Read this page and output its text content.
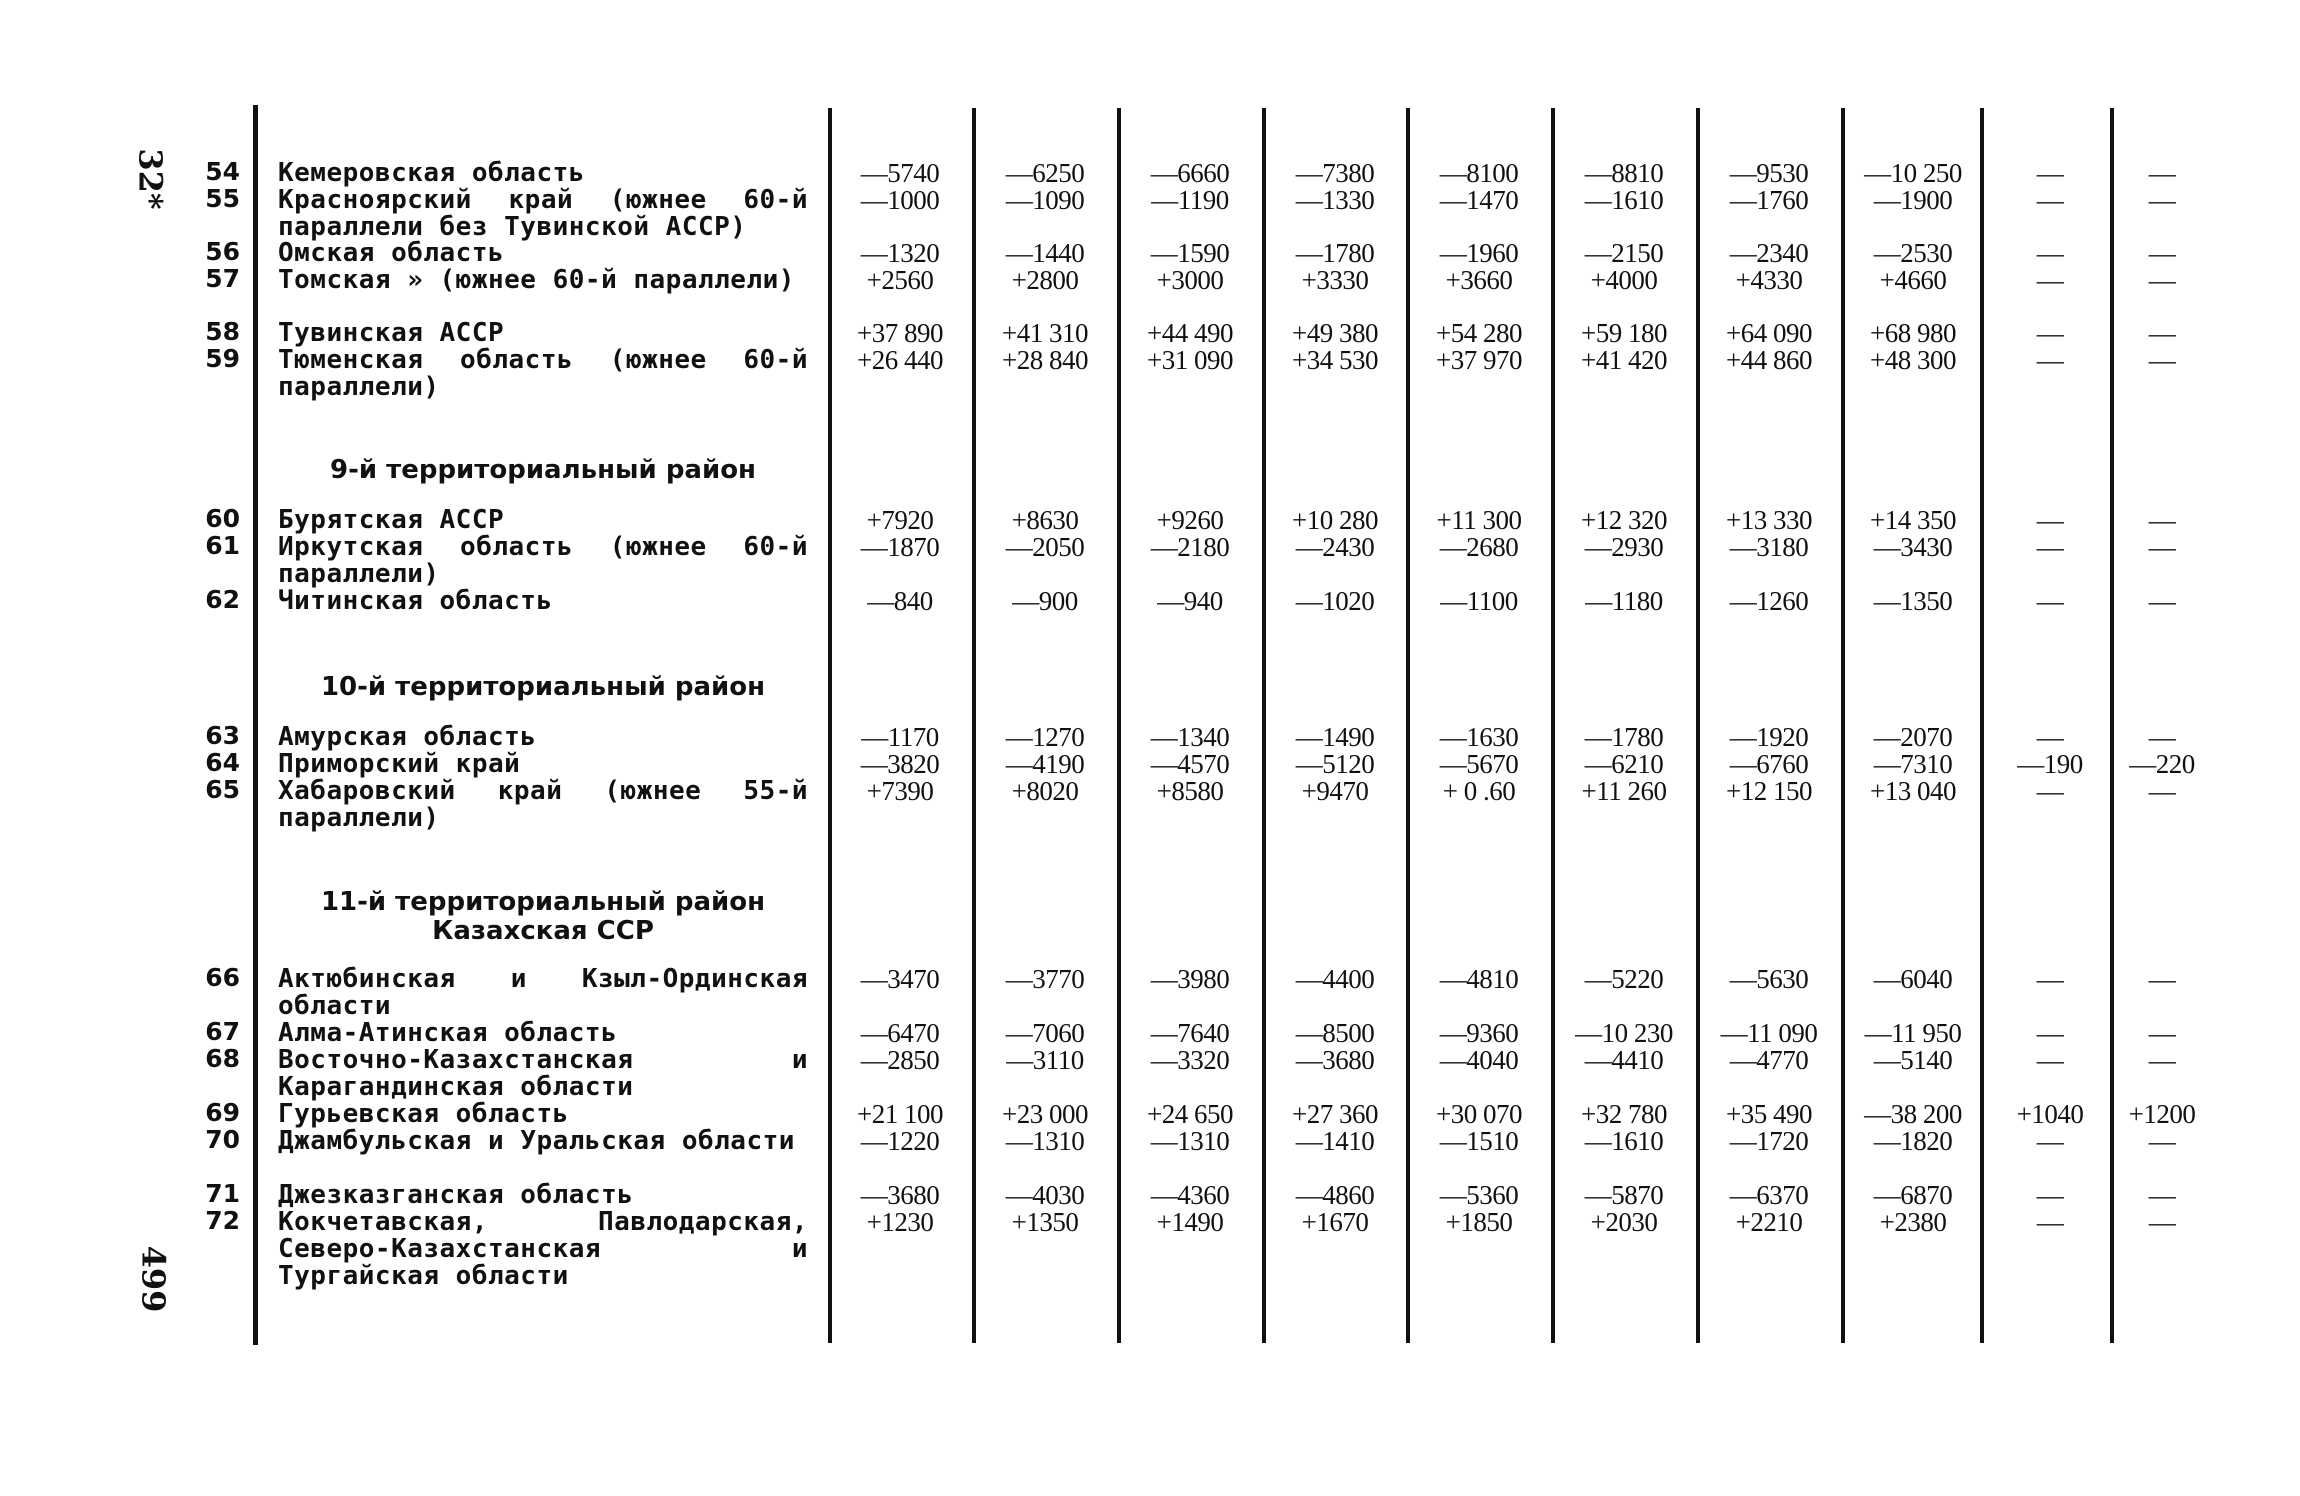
32*
499
9-й территориальный район
10-й территориальный район
11-й территориальный район
Казахская ССР
54 Кемеровская область	—5740	—6250	—6660	—7380	—8100	—8810	—9530	—10 250	—	—
55 Красноярский край (южнее 60-й параллели без Тувинской АССР)
—1000	—1090	—1190	—1330	—1470	—1610	—1760	—1900	—	—
56 Омская область	—1320	—1440	—1590	—1780	—1960	—2150	—2340	—2530	—	—
57 Томская » (южнее 60-й параллели)	+2560	+2800	+3000	+3330	+3660	+4000	+4330	+4660	—	—
58 Тувинская АССР	+37 890	+41 310	+44 490	+49 380	+54 280	+59 180	+64 090	+68 980	—	—
59 Тюменская область (южнее 60-й параллели)
+26 440	+28 840	+31 090	+34 530	+37 970	+41 420	+44 860	+48 300	—	—
60 Бурятская АССР	+7920	+8630	+9260	+10 280	+11 300	+12 320	+13 330	+14 350	—	—
61 Иркутская область (южнее 60-й параллели)
—1870	—2050	—2180	—2430	—2680	—2930	—3180	—3430	—	—
62 Читинская область	—840	—900	—940	—1020	—1100	—1180	—1260	—1350	—	—
63 Амурская область	—1170	—1270	—1340	—1490	—1630	—1780	—1920	—2070	—	—
64 Приморский край	—3820	—4190	—4570	—5120	—5670	—6210	—6760	—7310	—190	—220
65 Хабаровский край (южнее 55-й параллели)
+7390	+8020	+8580	+9470	+ 0 .60	+11 260	+12 150	+13 040	—	—
66 Актюбинская и Кзыл-Ординская области
—3470	—3770	—3980	—4400	—4810	—5220	—5630	—6040	—	—
67 Алма-Атинская область	—6470	—7060	—7640	—8500	—9360	—10 230	—11 090	—11 950	—	—
68 Восточно-Казахстанская и Карагандинская области
—2850	—3110	—3320	—3680	—4040	—4410	—4770	—5140	—	—
69 Гурьевская область	+21 100	+23 000	+24 650	+27 360	+30 070	+32 780	+35 490	—38 200	+1040	+1200
70 Джамбульская и Уральская области	—1220	—1310	—1310	—1410	—1510	—1610	—1720	—1820	—	—
71 Джезказганская область	—3680	—4030	—4360	—4860	—5360	—5870	—6370	—6870	—	—
72 Кокчетавская, Павлодарская, Северо-Казахстанская и Тургайская области
+1230	+1350	+1490	+1670	+1850	+2030	+2210	+2380	—	—
